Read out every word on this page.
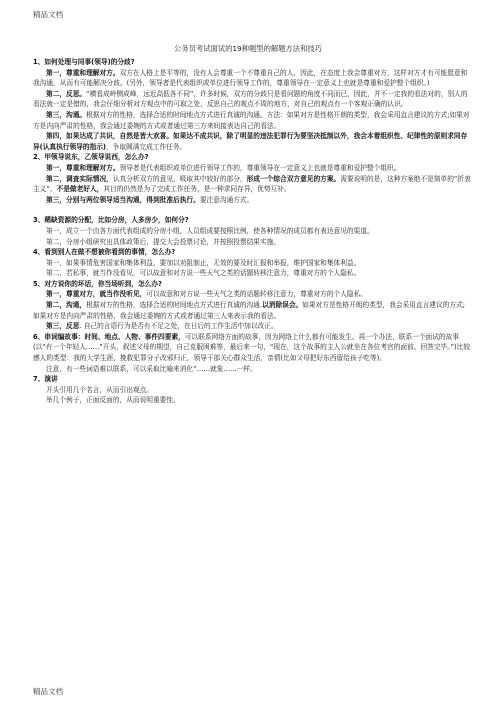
精品文档
公务员考试面试的19种题型的解题方法和技巧

1、如何处理与同事(领导)的分歧?

第一，尊重和理解对方。双方在人格上是平等的，没有人会尊重一个不尊重自己的人，因此，在态度上我会尊重对方，这样对方才有可能愿意和我沟通，从而有可能解决分歧。(另外，领导者是代表组织或单位进行领导工作的，尊重领导在一定意义上也就是尊重和爱护整个组织。)

第二，反思。“横看成岭侧成峰，远近高低各不同”，许多时候，双方的分歧只是看问题的角度不同而已，因此，并不一定我的看法对的，别人的看法就一定是错的，我会仔细分析对方观点中的可取之处，反思自己的观点不周的地方，对自己的观点有一个客观正确的认识。

第三，沟通。根据对方的性格，选择合适的时间地点方式进行真诚的沟通。方法：如果对方是性格开朗的类型，我会采用直言建议的方式;如果对方是内向严肃的性格，我会通过委婉的方式或者通过第三方来间接表达自己的看法。

第四，如果达成了共识，自然是皆大欢喜。如果达不成共识，除了明显的违法犯罪行为要坚决抵制以外，我会本着组织性、纪律性的原则求同存异(认真执行领导的指示)，争取圆满完成工作任务。

2、甲领导说东，乙领导说西，怎么办?

第一，尊重和理解对方。领导者是代表组织或单位进行领导工作的，尊重领导在一定意义上也就是尊重和爱护整个组织。

第二，调查实际情况，认真分析双方的意见，吸取其中较好的部分，形成一个综合双方意见的方案。需要说明的是，这种方案绝不是简单的“折衷主义”，不是做老好人，其目的仍然是为了完成工作任务，是一种求同存异，优势互补。

第三，分别与两位领导适当沟通，得到批准后执行。要注意沟通方式。

3、稀缺资源的分配，比如分房，人多房少，如何分?

第一，成立一个由各方面代表组成的分房小组，人员组成要按照比例，使各种情况的成员都有表达意见的渠道。

第二，分房小组研究出具体政策后，提交大会投票讨论，并按照投票结果实施。

4、看到别人在做不想被你看到的事情，怎么办?

第一，如果事情危害国家和集体利益，要加以劝阻制止，无效的要及时汇报和举报，维护国家和集体利益。

第二，若私事，就当作没看见，可以故意和对方说一些天气之类的话题转移注意力，尊重对方的个人隐私。

5、对方说你的坏话，你当场听到，怎么办?

第一，尊重对方，就当作没听见，可以故意和对方说一些天气之类的话题转移注意力，尊重对方的个人隐私。

第二，沟通，根据对方的性格，选择合适的时间地点方式进行真诚的沟通.以消除误会。如果对方是性格开朗的类型，我会采用直言建议的方式;如果对方是内向严肃的性格，我会通过委婉的方式或者通过第三人来表示我的看法。

第三，反思. 自己的言语行为是否有不足之处，在日后的工作生活中加以改正。

6、串词编故事：时间、地点、人物、事件四要素，可以联系网络方面的故事，因为网络上什么都有可能发生。再一个办法，联系一个面试的故事(以“有一个年轻人……”开头，叙述父母的期望，自己克服困难等，最后来一句，“现在，这个故事的主人公就坐在各位考官的面前。回答完毕。”)比较感人的类型：我的大学生涯，挽救犯罪分子改邪归正，领导干部关心群众生活，亲情(比如父母把好东西留给孩子吃等)。

注意，有一些词语难以联系，可以采取比喻来消化“……就象……一样。

7、演讲

开头引用几个名言，从而引出观点。

举几个例子，正面反面的，从而说明重要性。

精品文档
